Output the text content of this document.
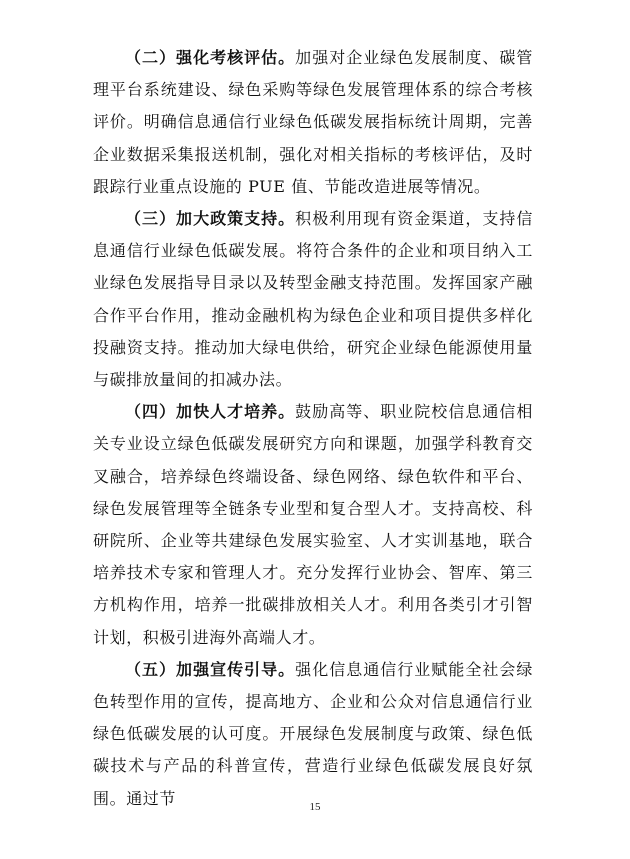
（二）强化考核评估。加强对企业绿色发展制度、碳管理平台系统建设、绿色采购等绿色发展管理体系的综合考核评价。明确信息通信行业绿色低碳发展指标统计周期，完善企业数据采集报送机制，强化对相关指标的考核评估，及时跟踪行业重点设施的 PUE 值、节能改造进展等情况。

（三）加大政策支持。积极利用现有资金渠道，支持信息通信行业绿色低碳发展。将符合条件的企业和项目纳入工业绿色发展指导目录以及转型金融支持范围。发挥国家产融合作平台作用，推动金融机构为绿色企业和项目提供多样化投融资支持。推动加大绿电供给，研究企业绿色能源使用量与碳排放量间的扣减办法。

（四）加快人才培养。鼓励高等、职业院校信息通信相关专业设立绿色低碳发展研究方向和课题，加强学科教育交叉融合，培养绿色终端设备、绿色网络、绿色软件和平台、绿色发展管理等全链条专业型和复合型人才。支持高校、科研院所、企业等共建绿色发展实验室、人才实训基地，联合培养技术专家和管理人才。充分发挥行业协会、智库、第三方机构作用，培养一批碳排放相关人才。利用各类引才引智计划，积极引进海外高端人才。

（五）加强宣传引导。强化信息通信行业赋能全社会绿色转型作用的宣传，提高地方、企业和公众对信息通信行业绿色低碳发展的认可度。开展绿色发展制度与政策、绿色低碳技术与产品的科普宣传，营造行业绿色低碳发展良好氛围。通过节	15
